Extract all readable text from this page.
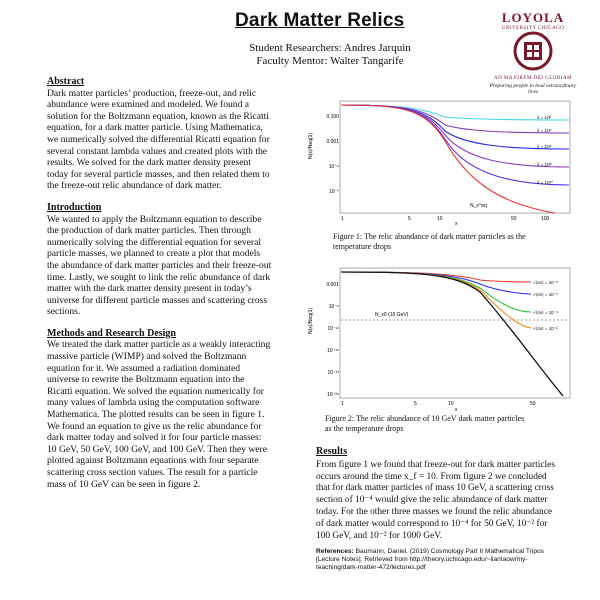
Dark Matter Relics
Student Researchers: Andres Jarquin
Faculty Mentor: Walter Tangarife
LOYOLA
UNIVERSITY CHICAGO
AD MAJOREM DEI GLORIAM
Preparing people to lead extraordinary lives
Abstract

Dark matter particles’ production, freeze-out, and relic abundance were examined and modeled. We found a solution for the Boltzmann equation, known as the Ricatti equation, for a dark matter particle. Using Mathematica, we numerically solved the differential Ricatti equation for several constant lambda values and created plots with the results. We solved for the dark matter density present today for several particle masses, and then related them to the freeze-out relic abundance of dark matter.

Introduction

We wanted to apply the Boltzmann equation to describe the production of dark matter particles. Then through numerically solving the differential equation for several particle masses, we planned to create a plot that models the abundance of dark matter particles and their freeze-out time. Lastly, we sought to link the relic abundance of dark matter with the dark matter density present in today’s universe for different particle masses and scattering cross sections.

Methods and Research Design

We treated the dark matter particle as a weakly interacting massive particle (WIMP) and solved the Boltzmann equation for it. We assumed a radiation dominated universe to rewrite the Boltzmann equation into the Ricatti equation. We solved the equation numerically for many values of lambda using the computation software Mathematica. The plotted results can be seen in figure 1. We found an equation to give us the relic abundance for dark matter today and solved it for four particle masses: 10 GeV, 50 GeV, 100 GeV, and 100 GeV. Then they were plotted against Boltzmann equations with four separate scattering cross section values. The result for a particle mass of 10 GeV can be seen in figure 2.

N(x)/Neq(1)
0.100
0.001
10⁻⁵
10⁻⁷
1	5	10	50	100
x
N_x^eq
λ = 10²
λ = 10⁴
λ = 10⁶
λ = 10⁸
λ = 10¹⁰
Figure 1: The relic abundance of dark matter particles as the temperature drops
N(x)/Neq(1)
0.001
10⁻⁶
10⁻¹¹
10⁻¹⁶
10⁻²¹
10⁻²⁶
1	5	10	50
x
N_x0 (10 GeV)
√⟨σv⟩ = 10⁻⁸
√⟨σv⟩ = 10⁻⁶
√⟨σv⟩ = 10⁻⁴
√⟨σv⟩ = 10⁻²
Figure 2: The relic abundance of 10 GeV dark matter particles as the temperature drops
Results

From figure 1 we found that freeze-out for dark matter particles occurs around the time x_f = 10. From figure 2 we concluded that for dark matter particles of mass 10 GeV, a scattering cross section of 10⁻⁴ would give the relic abundance of dark matter today. For the other three masses we found the relic abundance of dark matter would correspond to 10⁻⁴ for 50 GeV, 10⁻² for 100 GeV, and 10⁻² for 1000 GeV.

References: Baumann, Daniel. (2019) Cosmology Part II Mathematical Tripos [Lecture Notes]. Retrieved from http://theory.uchicago.edu/~liantaow/my-teaching/dark-matter-472/lectures.pdf
